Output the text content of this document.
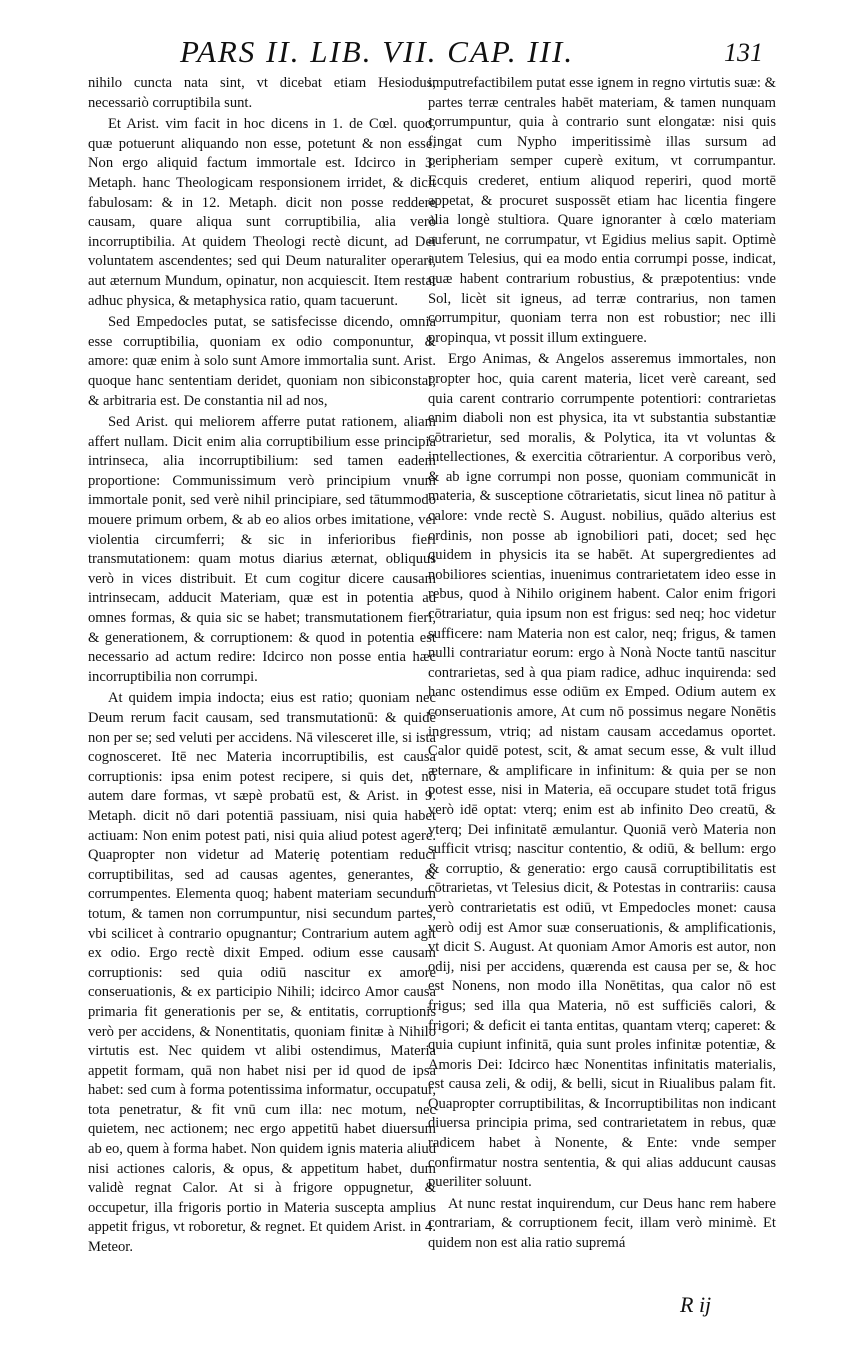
PARS II. LIB. VII. CAP. III.	131

nihilo cuncta nata sint, vt dicebat etiam Hesiodus, necessariò corruptibila sunt.

Et Arist. vim facit in hoc dicens in 1. de Cœl. quod, quæ potuerunt aliquando non esse, potetunt & non esse. Non ergo aliquid factum immortale est. Idcirco in 3. Metaph. hanc Theologicam responsionem irridet, & dicit fabulosam: & in 12. Metaph. dicit non posse reddere causam, quare aliqua sunt corruptibilia, alia verò incorruptibilia. At quidem Theologi rectè dicunt, ad Dei voluntatem ascendentes; sed qui Deum naturaliter operari, aut æternum Mundum, opinatur, non acquiescit. Item restat adhuc physica, & metaphysica ratio, quam tacuerunt.

Sed Empedocles putat, se satisfecisse dicendo, omnia esse corruptibilia, quoniam ex odio componuntur, & amore: quæ enim à solo sunt Amore immortalia sunt. Arist. quoque hanc sententiam deridet, quoniam non sibiconstat, & arbitraria est. De constantia nil ad nos,

Sed Arist. qui meliorem afferre putat rationem, aliam affert nullam. Dicit enim alia corruptibilium esse principia intrinseca, alia incorruptibilium: sed tamen eadem proportione: Communissimum verò principium vnum immortale ponit, sed verè nihil principiare, sed tātummodo mouere primum orbem, & ab eo alios orbes imitatione, vel violentia circumferri; & sic in inferioribus fieri transmutationem: quam motus diarius æternat, obliquus verò in vices distribuit. Et cum cogitur dicere causam intrinsecam, adducit Materiam, quæ est in potentia ad omnes formas, & quia sic se habet; transmutationem fieri, & generationem, & corruptionem: & quod in potentia est necessario ad actum redire: Idcirco non posse entia hæc incorruptibilia non corrumpi.

At quidem impia indocta; eius est ratio; quoniam nec Deum rerum facit causam, sed transmutationū: & quidē non per se; sed veluti per accidens. Nā vilesceret ille, si ista cognosceret. Itē nec Materia incorruptibilis, est causa corruptionis: ipsa enim potest recipere, si quis det, nō autem dare formas, vt sæpè probatū est, & Arist. in 9. Metaph. dicit nō dari potentiā passiuam, nisi quia habet actiuam: Non enim potest pati, nisi quia aliud potest agere. Quapropter non videtur ad Materię potentiam reduci corruptibilitas, sed ad causas agentes, generantes, & corrumpentes. Elementa quoq; habent materiam secundum totum, & tamen non corrumpuntur, nisi secundum partes, vbi scilicet à contrario opugnantur; Contrarium autem agit ex odio. Ergo rectè dixit Emped. odium esse causam corruptionis: sed quia odiū nascitur ex amore conseruationis, & ex participio Nihili; idcirco Amor causa primaria fit generationis per se, & entitatis, corruptionis verò per accidens, & Nonentitatis, quoniam finitæ à Nihilo virtutis est. Nec quidem vt alibi ostendimus, Materia appetit formam, quā non habet nisi per id quod de ipsa habet: sed cum à forma potentissima informatur, occupatur, tota penetratur, & fit vnū cum illa: nec motum, nec quietem, nec actionem; nec ergo appetitū habet diuersum ab eo, quem à forma habet. Non quidem ignis materia aliud nisi actiones caloris, & opus, & appetitum habet, dum validè regnat Calor. At si à frigore oppugnetur, & occupetur, illa frigoris portio in Materia suscepta amplius appetit frigus, vt roboretur, & regnet. Et quidem Arist. in 4. Meteor.

imputrefactibilem putat esse ignem in regno virtutis suæ: & partes terræ centrales habēt materiam, & tamen nunquam corrumpuntur, quia à contrario sunt elongatæ: nisi quis fingat cum Nypho imperitissimè illas sursum ad peripheriam semper cuperè exitum, vt corrumpantur. Ecquis crederet, entium aliquod reperiri, quod mortē appetat, & procuret suspossēt etiam hac licentia fingere alia longè stultiora. Quare ignoranter à cœlo materiam auferunt, ne corrumpatur, vt Egidius melius sapit. Optimè autem Telesius, qui ea modo entia corrumpi posse, indicat, quæ habent contrarium robustius, & præpotentius: vnde Sol, licèt sit igneus, ad terræ contrarius, non tamen corrumpitur, quoniam terra non est robustior; nec illi propinqua, vt possit illum extinguere.

Ergo Animas, & Angelos asseremus immortales, non propter hoc, quia carent materia, licet verè careant, sed quia carent contrario corrumpente potentiori: contrarietas enim diaboli non est physica, ita vt substantia substantiæ cōtrarietur, sed moralis, & Polytica, ita vt voluntas & intellectiones, & exercitia cōtrarientur. A corporibus verò, & ab igne corrumpi non posse, quoniam communicāt in materia, & susceptione cōtrarietatis, sicut linea nō patitur à calore: vnde rectè S. August. nobilius, quādo alterius est ordinis, non posse ab ignobiliori pati, docet; sed hęc quidem in physicis ita se habēt. At supergredientes ad nobiliores scientias, inuenimus contrarietatem ideo esse in rebus, quod à Nihilo originem habent. Calor enim frigori cōtrariatur, quia ipsum non est frigus: sed neq; hoc videtur sufficere: nam Materia non est calor, neq; frigus, & tamen nulli contrariatur eorum: ergo à Nonà Nocte tantū nascitur contrarietas, sed à qua piam radice, adhuc inquirenda: sed hanc ostendimus esse odiūm ex Emped. Odium autem ex conseruationis amore, At cum nō possimus negare Nonētis ingressum, vtriq; ad nistam causam accedamus oportet. Calor quidē potest, scit, & amat secum esse, & vult illud æternare, & amplificare in infinitum: & quia per se non potest esse, nisi in Materia, eā occupare studet totā frigus verò idē optat: vterq; enim est ab infinito Deo creatū, & vterq; Dei infinitatē æmulantur. Quoniā verò Materia non sufficit vtrisq; nascitur contentio, & odiū, & bellum: ergo & corruptio, & generatio: ergo causā corruptibilitatis est cōtrarietas, vt Telesius dicit, & Potestas in contrariis: causa verò contrarietatis est odiū, vt Empedocles monet: causa verò odij est Amor suæ conseruationis, & amplificationis, vt dicit S. August. At quoniam Amor Amoris est autor, non odij, nisi per accidens, quærenda est causa per se, & hoc est Nonens, non modo illa Nonētitas, qua calor nō est frigus; sed illa qua Materia, nō est sufficiēs calori, & frigori; & deficit ei tanta entitas, quantam vterq; caperet: & quia cupiunt infinitā, quia sunt proles infinitæ potentiæ, & Amoris Dei: Idcirco hæc Nonentitas infinitatis materialis, est causa zeli, & odij, & belli, sicut in Riualibus palam fit. Quapropter corruptibilitas, & Incorruptibilitas non indicant diuersa principia prima, sed contrarietatem in rebus, quæ radicem habet à Nonente, & Ente: vnde semper confirmatur nostra sententia, & qui alias adducunt causas pueriliter soluunt.

At nunc restat inquirendum, cur Deus hanc rem habere contrariam, & corruptionem fecit, illam verò minimè. Et quidem non est alia ratio supremá

R ij
